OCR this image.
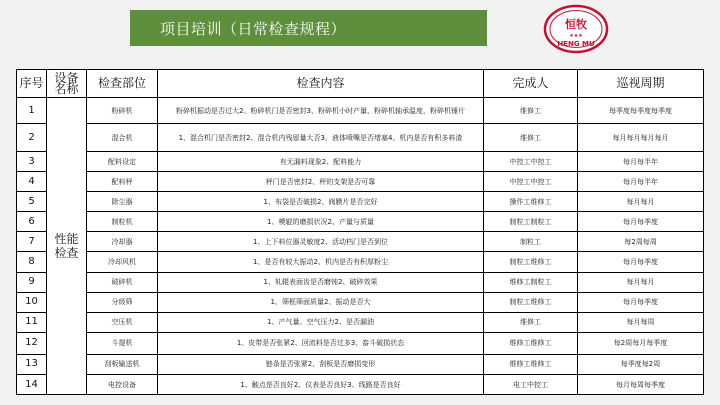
项目培训（日常检查规程）	恒牧
★★★
HENG MU
序号	设备名称	检查部位	检查内容	完成人	巡视周期
1	性能检查	粉碎机	粉碎机振动是否过大2、粉碎机门是否密封3、粉碎机小时产量、粉碎机轴承温度，粉碎机锤片	维修工	每季度每季度每季度
2		混合机	1、混合机门是否密封2、混合机内残留量大否3、液体喷嘴是否堵塞4、机内是否有积多料渣	维修工	每月每月每月每月
3		配料设定	有无漏料现象2、配料能力	中控工中控工	每月每半年
4		配料秤	秤门是否密封2、秤的支架是否可靠	中控工中控工	每月每半年
5		除尘器	1、布袋是否破损2、阀膜片是否完好	操作工维修工	每月每月
6		制粒机	1、模辊的磨损状况2、产量与质量	制粒工制粒工	每月每季度
7		冷却器	1、上下料位器灵敏度2、活动档门是否到位	制粒工	每2周每周
8		冷却风机	1、是否有较大振动2、机内是否有积厚粉尘	制粒工维修工	每月每季度
9		破碎机	1、轧辊表面齿是否磨钝2、破碎效果	维修工制粒工	每月每月
10		分级筛	1、筛框筛面质量2、振动是否大	制粒工维修工	每月每季度
11		空压机	1、产气量、空气压力2、是否漏油	维修工	每月每周
12		斗提机	1、皮带是否张紧2、回流料是否过多3、畚斗破损状态	维修工维修工	每2周每月每季度
13		刮板输送机	链条是否张紧2、刮板是否磨损变形	维修工维修工	每季度每2周
14		电控设备	1、触点是否良好2、仪表是否良好3、线路是否良好	电工中控工	每月每周每季度
